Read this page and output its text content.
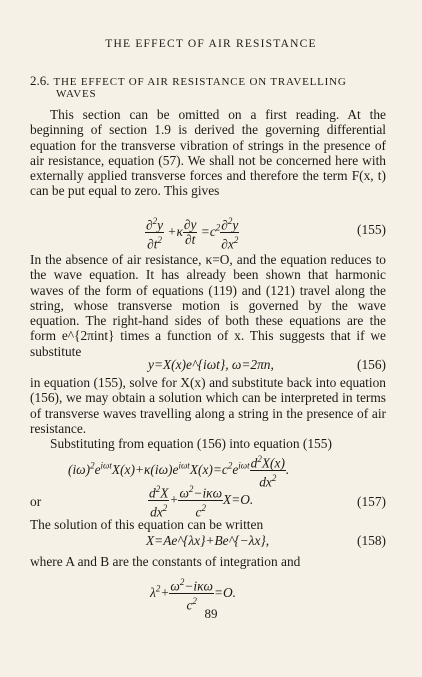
THE EFFECT OF AIR RESISTANCE
2.6. THE EFFECT OF AIR RESISTANCE ON TRAVELLING
WAVES

This section can be omitted on a first reading. At the beginning of section 1.9 is derived the governing differential equation for the transverse vibration of strings in the presence of air resistance, equation (57). We shall not be concerned here with externally applied transverse forces and therefore the term F(x, t) can be put equal to zero. This gives

$\frac{\partial^2y}{\partial t^2} +\kappa \frac{\partial y}{\partial t} =c^2 \frac{\partial^2y}{\partial x^2}$	(155)

In the absence of air resistance, κ=O, and the equation reduces to the wave equation. It has already been shown that harmonic waves of the form of equations (119) and (121) travel along the string, whose transverse motion is governed by the wave equation. The right-hand sides of both these equations are the form e^{2πint} times a function of x. This suggests that if we substitute

y=X(x)e^{iωt}, ω=2πn,	(156)

in equation (155), solve for X(x) and substitute back into equation (156), we may obtain a solution which can be interpreted in terms of transverse waves travelling along a string in the presence of air resistance.

Substituting from equation (156) into equation (155)

$(i\omega)^2e^{i\omega t}X(x)+\kappa(i\omega)e^{i\omega t}X(x)=c^2e^{i\omega t} \frac{d^2X(x)}{dx^2}$ .
or	$\frac{d^2X}{dx^2} + \frac{\omega^2-i\kappa\omega}{c^2} X=O$.	(157)

The solution of this equation can be written

X=Ae^{λx}+Be^{−λx},	(158)

where A and B are the constants of integration and

$\lambda^2+ \frac{\omega^2-i\kappa\omega}{c^2} =O$.
89
